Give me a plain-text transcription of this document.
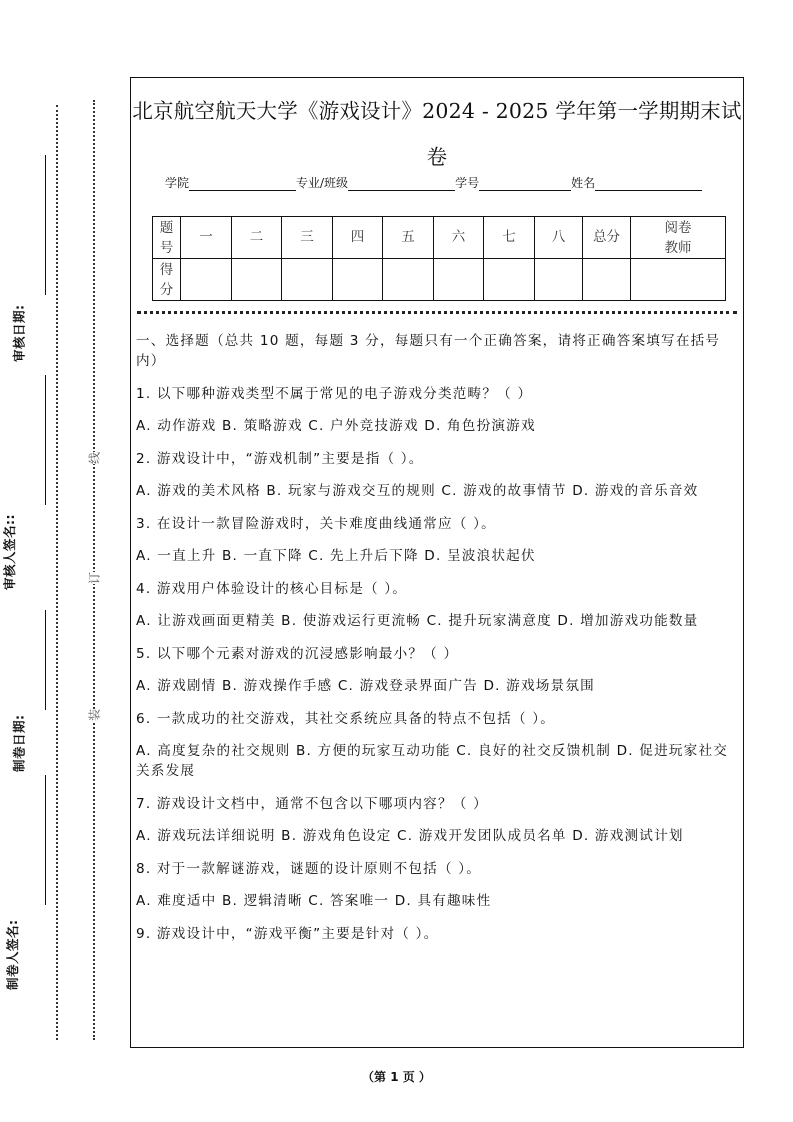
审核日期:
审核人签名::
制卷日期:
制卷人签名:
线
订
装
北京航空航天大学《游戏设计》2024 - 2025 学年第一学期期末试
卷
学院	专业/班级	学号	姓名
题号	一	二	三	四	五	六	七	八	总分	阅卷教师
得分										

一、选择题（总共 10 题，每题 3 分，每题只有一个正确答案，请将正确答案填写在括号内）

1. 以下哪种游戏类型不属于常见的电子游戏分类范畴？（ ）

A. 动作游戏 B. 策略游戏 C. 户外竞技游戏 D. 角色扮演游戏

2. 游戏设计中，“游戏机制”主要是指（ ）。

A. 游戏的美术风格 B. 玩家与游戏交互的规则 C. 游戏的故事情节 D. 游戏的音乐音效

3. 在设计一款冒险游戏时，关卡难度曲线通常应（ ）。

A. 一直上升 B. 一直下降 C. 先上升后下降 D. 呈波浪状起伏

4. 游戏用户体验设计的核心目标是（ ）。

A. 让游戏画面更精美 B. 使游戏运行更流畅 C. 提升玩家满意度 D. 增加游戏功能数量

5. 以下哪个元素对游戏的沉浸感影响最小？（ ）

A. 游戏剧情 B. 游戏操作手感 C. 游戏登录界面广告 D. 游戏场景氛围

6. 一款成功的社交游戏，其社交系统应具备的特点不包括（ ）。

A. 高度复杂的社交规则 B. 方便的玩家互动功能 C. 良好的社交反馈机制 D. 促进玩家社交关系发展

7. 游戏设计文档中，通常不包含以下哪项内容？（ ）

A. 游戏玩法详细说明 B. 游戏角色设定 C. 游戏开发团队成员名单 D. 游戏测试计划

8. 对于一款解谜游戏，谜题的设计原则不包括（ ）。

A. 难度适中 B. 逻辑清晰 C. 答案唯一 D. 具有趣味性

9. 游戏设计中，“游戏平衡”主要是针对（ ）。

（第 1 页 ）
